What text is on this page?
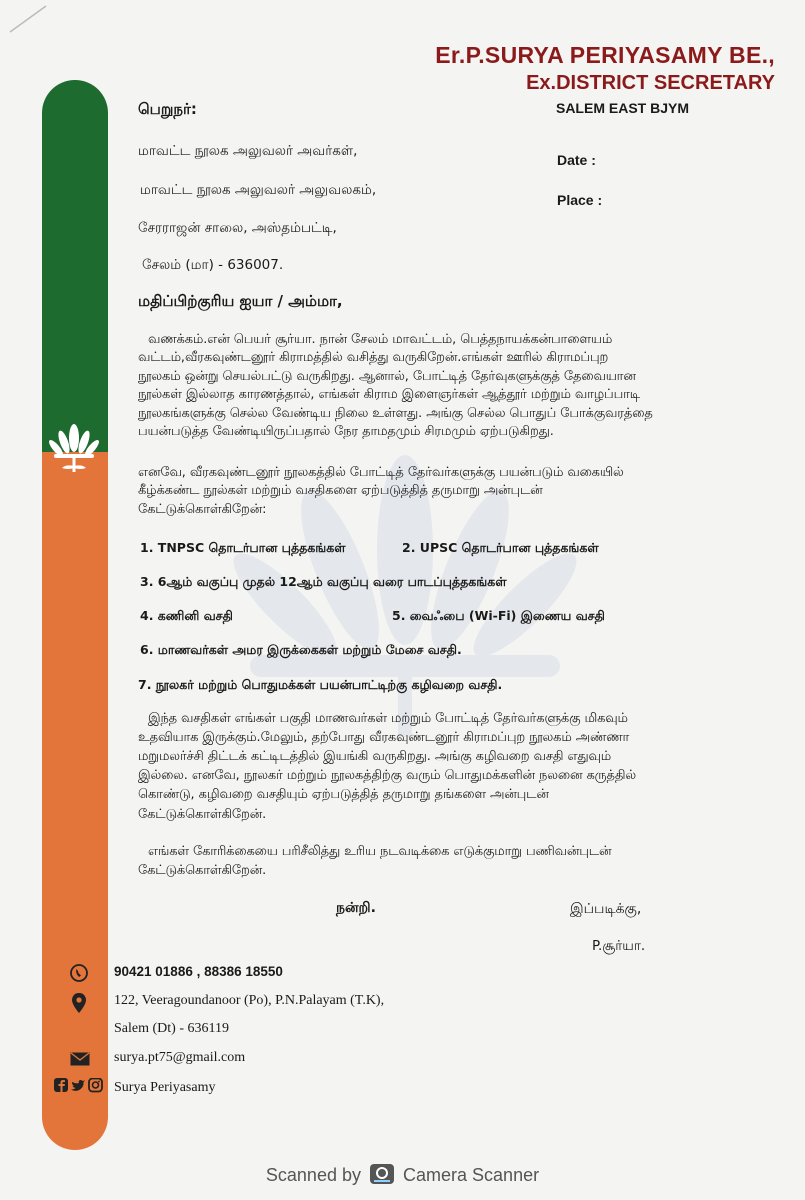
Er.P.SURYA PERIYASAMY BE.,
Ex.DISTRICT SECRETARY
SALEM EAST BJYM
பெறுநர்:
மாவட்ட நூலக அலுவலர் அவர்கள்,
மாவட்ட நூலக அலுவலர் அலுவலகம்,
சேரராஜன் சாலை, அஸ்தம்பட்டி,
சேலம் (மா) - 636007.
Date :
Place :
மதிப்பிற்குரிய ஐயா / அம்மா,
வணக்கம்.என் பெயர் சூர்யா. நான் சேலம் மாவட்டம், பெத்தநாயக்கன்பாளையம்
வட்டம்,வீரகவுண்டனூர் கிராமத்தில் வசித்து வருகிறேன்.எங்கள் ஊரில் கிராமப்புற
நூலகம் ஒன்று செயல்பட்டு வருகிறது. ஆனால், போட்டித் தேர்வுகளுக்குத் தேவையான
நூல்கள் இல்லாத காரணத்தால், எங்கள் கிராம இளைஞர்கள் ஆத்தூர் மற்றும் வாழப்பாடி
நூலகங்களுக்கு செல்ல வேண்டிய நிலை உள்ளது. அங்கு செல்ல பொதுப் போக்குவரத்தை
பயன்படுத்த வேண்டியிருப்பதால் நேர தாமதமும் சிரமமும் ஏற்படுகிறது.
எனவே, வீரகவுண்டனூர் நூலகத்தில் போட்டித் தேர்வர்களுக்கு பயன்படும் வகையில்
கீழ்க்கண்ட நூல்கள் மற்றும் வசதிகளை ஏற்படுத்தித் தருமாறு அன்புடன்
கேட்டுக்கொள்கிறேன்:
1. TNPSC தொடர்பான புத்தகங்கள்	2. UPSC தொடர்பான புத்தகங்கள்
3. 6ஆம் வகுப்பு முதல் 12ஆம் வகுப்பு வரை பாடப்புத்தகங்கள்
4. கணினி வசதி	5. வைஃபை (Wi-Fi) இணைய வசதி
6. மாணவர்கள் அமர இருக்கைகள் மற்றும் மேசை வசதி.
7. நூலகர் மற்றும் பொதுமக்கள் பயன்பாட்டிற்கு கழிவறை வசதி.
இந்த வசதிகள் எங்கள் பகுதி மாணவர்கள் மற்றும் போட்டித் தேர்வர்களுக்கு மிகவும்
உதவியாக இருக்கும்.மேலும், தற்போது வீரகவுண்டனூர் கிராமப்புற நூலகம் அண்ணா
மறுமலர்ச்சி திட்டக் கட்டிடத்தில் இயங்கி வருகிறது. அங்கு கழிவறை வசதி எதுவும்
இல்லை. எனவே, நூலகர் மற்றும் நூலகத்திற்கு வரும் பொதுமக்களின் நலனை கருத்தில்
கொண்டு, கழிவறை வசதியும் ஏற்படுத்தித் தருமாறு தங்களை அன்புடன்
கேட்டுக்கொள்கிறேன்.
எங்கள் கோரிக்கையை பரிசீலித்து உரிய நடவடிக்கை எடுக்குமாறு பணிவன்புடன்
கேட்டுக்கொள்கிறேன்.
நன்றி.	இப்படிக்கு,
P.சூர்யா.
90421 01886 , 88386 18550
122, Veeragoundanoor (Po), P.N.Palayam (T.K),
Salem (Dt) - 636119
surya.pt75@gmail.com
Surya Periyasamy
Scanned by Camera Scanner
